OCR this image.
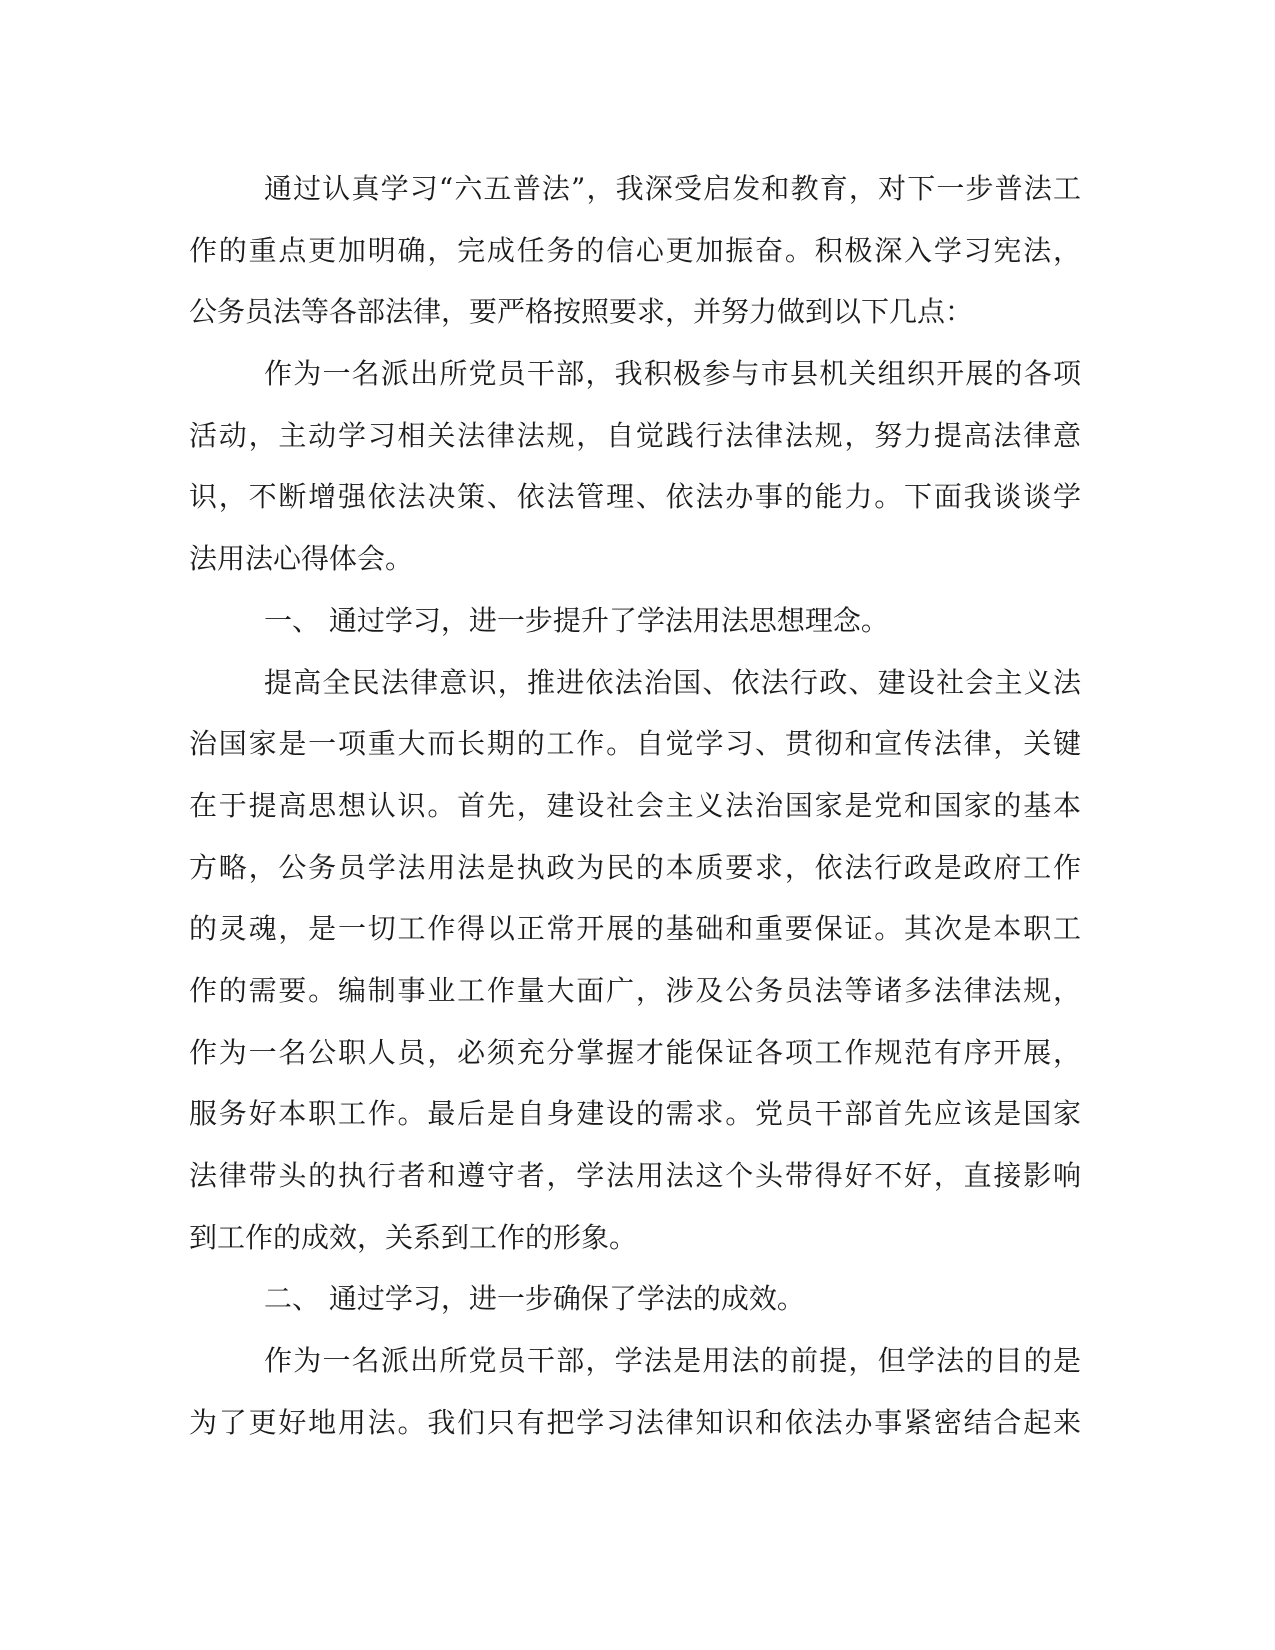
通过认真学习“六五普法”，我深受启发和教育，对下一步普法工
作的重点更加明确，完成任务的信心更加振奋。积极深入学习宪法，
公务员法等各部法律，要严格按照要求，并努力做到以下几点：
作为一名派出所党员干部，我积极参与市县机关组织开展的各项
活动，主动学习相关法律法规，自觉践行法律法规，努力提高法律意
识，不断增强依法决策、依法管理、依法办事的能力。下面我谈谈学
法用法心得体会。
一、 通过学习，进一步提升了学法用法思想理念。
提高全民法律意识，推进依法治国、依法行政、建设社会主义法
治国家是一项重大而长期的工作。自觉学习、贯彻和宣传法律，关键
在于提高思想认识。首先，建设社会主义法治国家是党和国家的基本
方略，公务员学法用法是执政为民的本质要求，依法行政是政府工作
的灵魂，是一切工作得以正常开展的基础和重要保证。其次是本职工
作的需要。编制事业工作量大面广，涉及公务员法等诸多法律法规，
作为一名公职人员，必须充分掌握才能保证各项工作规范有序开展，
服务好本职工作。最后是自身建设的需求。党员干部首先应该是国家
法律带头的执行者和遵守者，学法用法这个头带得好不好，直接影响
到工作的成效，关系到工作的形象。
二、 通过学习，进一步确保了学法的成效。
作为一名派出所党员干部，学法是用法的前提，但学法的目的是
为了更好地用法。我们只有把学习法律知识和依法办事紧密结合起来
